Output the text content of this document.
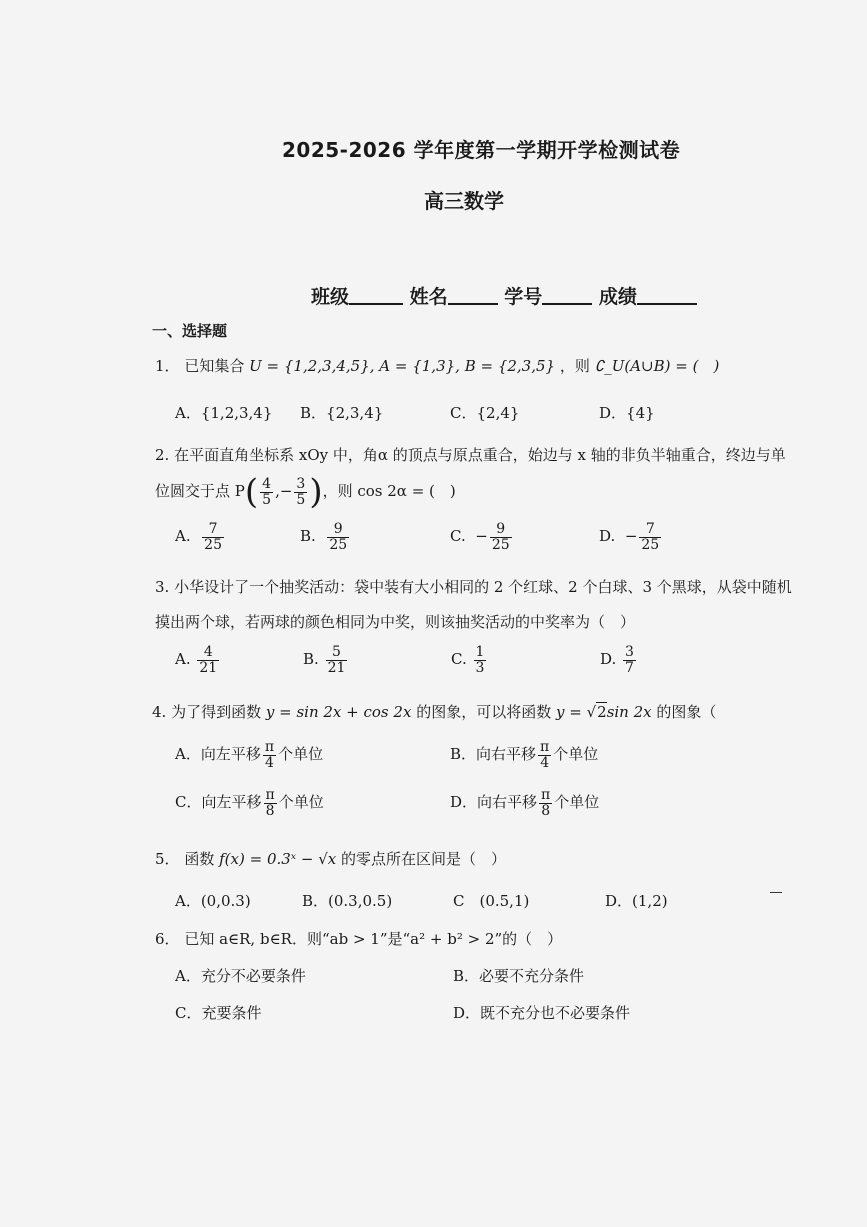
2025-2026 学年度第一学期开学检测试卷
高三数学
班级	姓名	学号	成绩
一、选择题
1． 已知集合 U = {1,2,3,4,5}, A = {1,3}, B = {2,3,5} ，则 ∁_U(A∪B) = (　)
A．{1,2,3,4} B．{2,3,4}	C．{2,4}	D．{4}
2. 在平面直角坐标系 xOy 中，角α 的顶点与原点重合，始边与 x 轴的非负半轴重合，终边与单
位圆交于点 $P( \frac{4}{5}$ ,− $\frac{3}{5}$ )，则 cos 2α = (　)
A. $\frac{7}{25}$	B. $\frac{9}{25}$	C. − $\frac{9}{25}$	D. − $\frac{7}{25}$
3. 小华设计了一个抽奖活动：袋中装有大小相同的 2 个红球、2 个白球、3 个黑球，从袋中随机
摸出两个球，若两球的颜色相同为中奖，则该抽奖活动的中奖率为（　）
A. $\frac{4}{21}$	B. $\frac{5}{21}$	C. $\frac{1}{3}$	D. $\frac{3}{7}$
4. 为了得到函数 y = sin 2x + cos 2x 的图象，可以将函数 y = √2sin 2x 的图象（
A．向左平移 $\frac{\pi}{4}$ 个单位	B．向右平移 $\frac{\pi}{4}$ 个单位
C．向左平移 $\frac{\pi}{8}$ 个单位	D．向右平移 $\frac{\pi}{8}$ 个单位
5． 函数 f(x) = 0.3ˣ − √x 的零点所在区间是（　）
A．(0,0.3)	B．(0.3,0.5)	C　(0.5,1)	D．(1,2)
6． 已知 a∈R, b∈R．则“ab > 1”是“a² + b² > 2”的（　）
A．充分不必要条件	B．必要不充分条件
C．充要条件	D．既不充分也不必要条件
